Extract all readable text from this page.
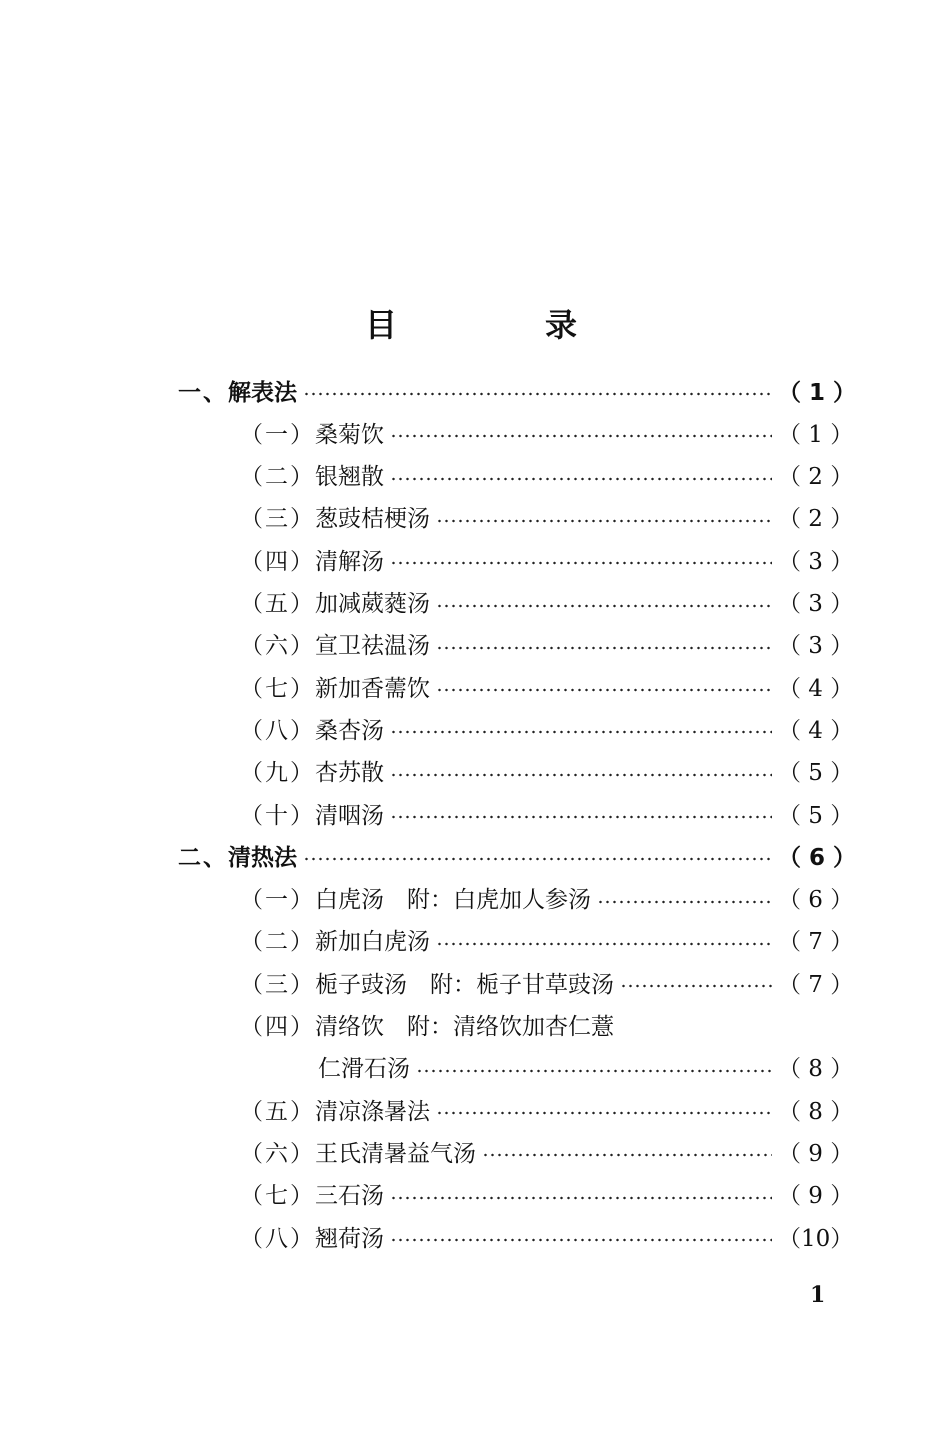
目　录
一、 解表法	（ 1 ）
（一） 桑菊饮	（ 1 ）
（二） 银翘散	（ 2 ）
（三） 葱豉桔梗汤	（ 2 ）
（四） 清解汤	（ 3 ）
（五） 加减葳蕤汤	（ 3 ）
（六） 宣卫祛温汤	（ 3 ）
（七） 新加香薷饮	（ 4 ）
（八） 桑杏汤	（ 4 ）
（九） 杏苏散	（ 5 ）
（十） 清咽汤	（ 5 ）
二、 清热法	（ 6 ）
（一） 白虎汤　附：白虎加人参汤	（ 6 ）
（二） 新加白虎汤	（ 7 ）
（三） 栀子豉汤　附：栀子甘草豉汤	（ 7 ）
（四） 清络饮　附：清络饮加杏仁薏
仁滑石汤	（ 8 ）
（五） 清凉涤暑法	（ 8 ）
（六） 王氏清暑益气汤	（ 9 ）
（七） 三石汤	（ 9 ）
（八） 翘荷汤	（10）
1
